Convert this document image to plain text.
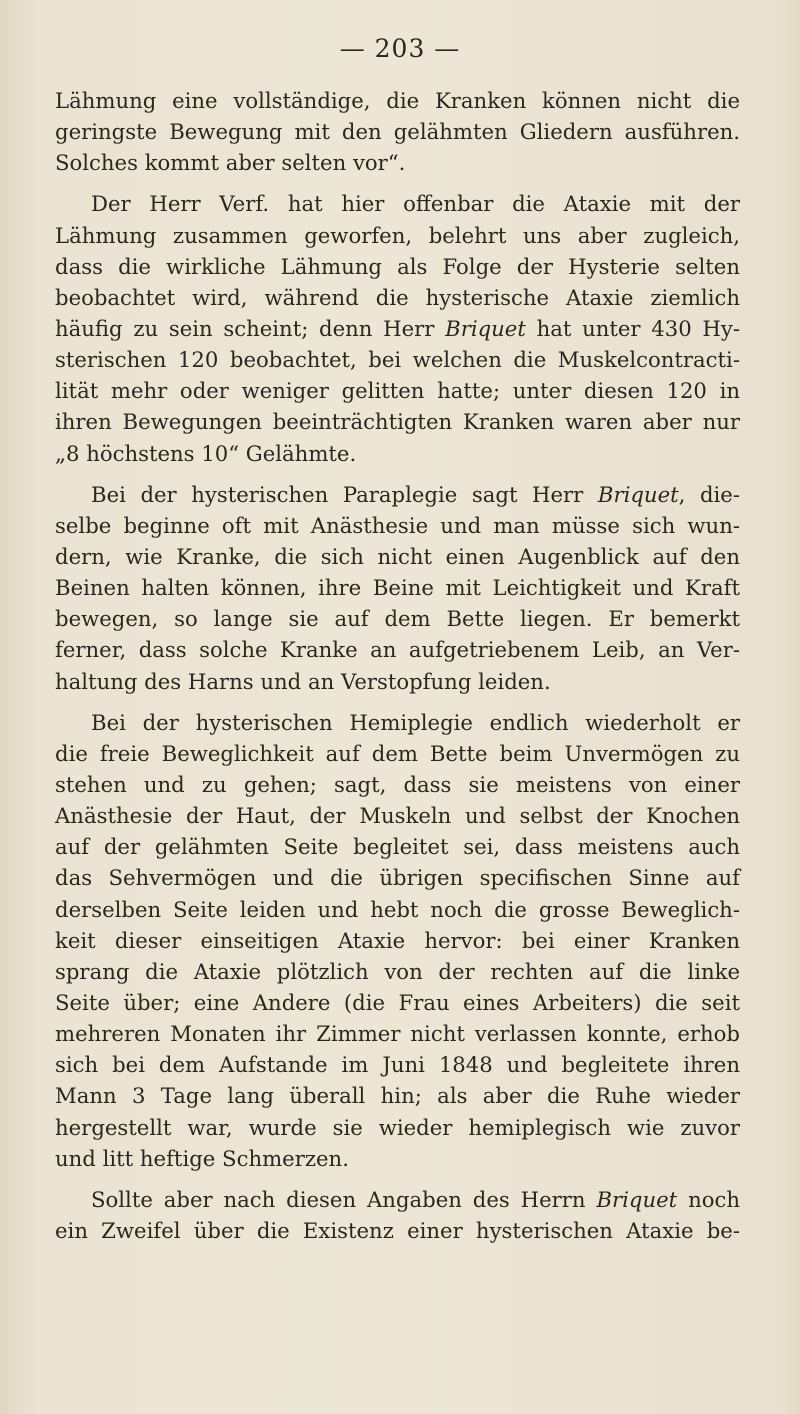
— 203 —
Lähmung eine vollständige, die Kranken können nicht die
geringste Bewegung mit den gelähmten Gliedern ausführen.
Solches kommt aber selten vor“.
Der Herr Verf. hat hier offenbar die Ataxie mit der
Lähmung zusammen geworfen, belehrt uns aber zugleich,
dass die wirkliche Lähmung als Folge der Hysterie selten
beobachtet wird, während die hysterische Ataxie ziemlich
häufig zu sein scheint; denn Herr Briquet hat unter 430 Hy-
sterischen 120 beobachtet, bei welchen die Muskelcontracti-
lität mehr oder weniger gelitten hatte; unter diesen 120 in
ihren Bewegungen beeinträchtigten Kranken waren aber nur
„8 höchstens 10“ Gelähmte.
Bei der hysterischen Paraplegie sagt Herr Briquet, die-
selbe beginne oft mit Anästhesie und man müsse sich wun-
dern, wie Kranke, die sich nicht einen Augenblick auf den
Beinen halten können, ihre Beine mit Leichtigkeit und Kraft
bewegen, so lange sie auf dem Bette liegen. Er bemerkt
ferner, dass solche Kranke an aufgetriebenem Leib, an Ver-
haltung des Harns und an Verstopfung leiden.
Bei der hysterischen Hemiplegie endlich wiederholt er
die freie Beweglichkeit auf dem Bette beim Unvermögen zu
stehen und zu gehen; sagt, dass sie meistens von einer
Anästhesie der Haut, der Muskeln und selbst der Knochen
auf der gelähmten Seite begleitet sei, dass meistens auch
das Sehvermögen und die übrigen specifischen Sinne auf
derselben Seite leiden und hebt noch die grosse Beweglich-
keit dieser einseitigen Ataxie hervor: bei einer Kranken
sprang die Ataxie plötzlich von der rechten auf die linke
Seite über; eine Andere (die Frau eines Arbeiters) die seit
mehreren Monaten ihr Zimmer nicht verlassen konnte, erhob
sich bei dem Aufstande im Juni 1848 und begleitete ihren
Mann 3 Tage lang überall hin; als aber die Ruhe wieder
hergestellt war, wurde sie wieder hemiplegisch wie zuvor
und litt heftige Schmerzen.
Sollte aber nach diesen Angaben des Herrn Briquet noch
ein Zweifel über die Existenz einer hysterischen Ataxie be-
